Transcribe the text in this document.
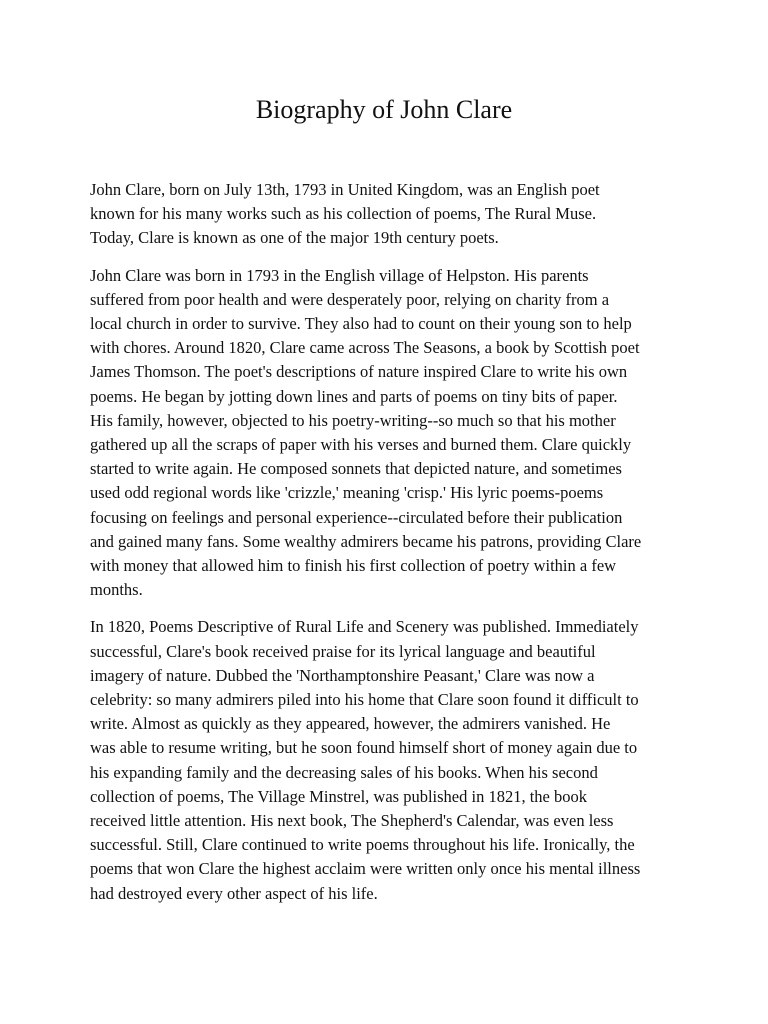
Biography of John Clare

John Clare, born on July 13th, 1793 in United Kingdom, was an English poet
known for his many works such as his collection of poems, The Rural Muse.
Today, Clare is known as one of the major 19th century poets.

John Clare was born in 1793 in the English village of Helpston. His parents
suffered from poor health and were desperately poor, relying on charity from a
local church in order to survive. They also had to count on their young son to help
with chores. Around 1820, Clare came across The Seasons, a book by Scottish poet
James Thomson. The poet's descriptions of nature inspired Clare to write his own
poems. He began by jotting down lines and parts of poems on tiny bits of paper.
His family, however, objected to his poetry-writing--so much so that his mother
gathered up all the scraps of paper with his verses and burned them. Clare quickly
started to write again. He composed sonnets that depicted nature, and sometimes
used odd regional words like 'crizzle,' meaning 'crisp.' His lyric poems-poems
focusing on feelings and personal experience--circulated before their publication
and gained many fans. Some wealthy admirers became his patrons, providing Clare
with money that allowed him to finish his first collection of poetry within a few
months.

In 1820, Poems Descriptive of Rural Life and Scenery was published. Immediately
successful, Clare's book received praise for its lyrical language and beautiful
imagery of nature. Dubbed the 'Northamptonshire Peasant,' Clare was now a
celebrity: so many admirers piled into his home that Clare soon found it difficult to
write. Almost as quickly as they appeared, however, the admirers vanished. He
was able to resume writing, but he soon found himself short of money again due to
his expanding family and the decreasing sales of his books. When his second
collection of poems, The Village Minstrel, was published in 1821, the book
received little attention. His next book, The Shepherd's Calendar, was even less
successful. Still, Clare continued to write poems throughout his life. Ironically, the
poems that won Clare the highest acclaim were written only once his mental illness
had destroyed every other aspect of his life.
